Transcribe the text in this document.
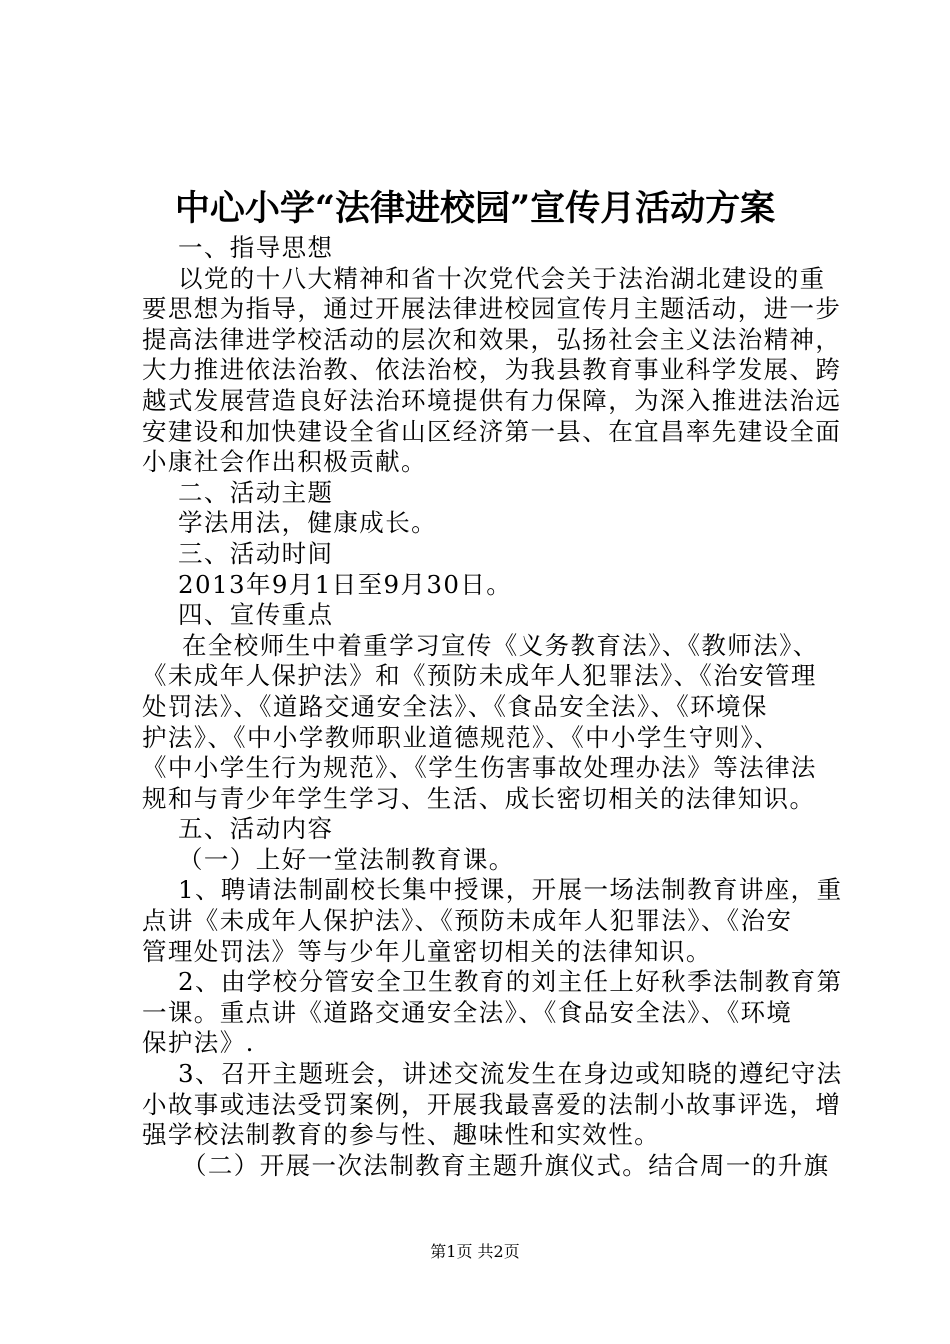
中心小学“法律进校园”宣传月活动方案
一、指导思想
以党的十八大精神和省十次党代会关于法治湖北建设的重
要思想为指导，通过开展法律进校园宣传月主题活动，进一步
提高法律进学校活动的层次和效果，弘扬社会主义法治精神，
大力推进依法治教、依法治校，为我县教育事业科学发展、跨
越式发展营造良好法治环境提供有力保障，为深入推进法治远
安建设和加快建设全省山区经济第一县、在宜昌率先建设全面
小康社会作出积极贡献。
二、活动主题
学法用法，健康成长。
三、活动时间
2013年9月1日至9月30日。
四、宣传重点
在全校师生中着重学习宣传《义务教育法》、《教师法》、
《未成年人保护法》和《预防未成年人犯罪法》、《治安管理
处罚法》、《道路交通安全法》、《食品安全法》、《环境保
护法》、《中小学教师职业道德规范》、《中小学生守则》、
《中小学生行为规范》、《学生伤害事故处理办法》等法律法
规和与青少年学生学习、生活、成长密切相关的法律知识。
五、活动内容
（一）上好一堂法制教育课。
1、聘请法制副校长集中授课，开展一场法制教育讲座，重
点讲《未成年人保护法》、《预防未成年人犯罪法》、《治安
管理处罚法》等与少年儿童密切相关的法律知识。
2、由学校分管安全卫生教育的刘主任上好秋季法制教育第
一课。重点讲《道路交通安全法》、《食品安全法》、《环境
保护法》.
3、召开主题班会，讲述交流发生在身边或知晓的遵纪守法
小故事或违法受罚案例，开展我最喜爱的法制小故事评选，增
强学校法制教育的参与性、趣味性和实效性。
（二）开展一次法制教育主题升旗仪式。结合周一的升旗
第1页 共2页
